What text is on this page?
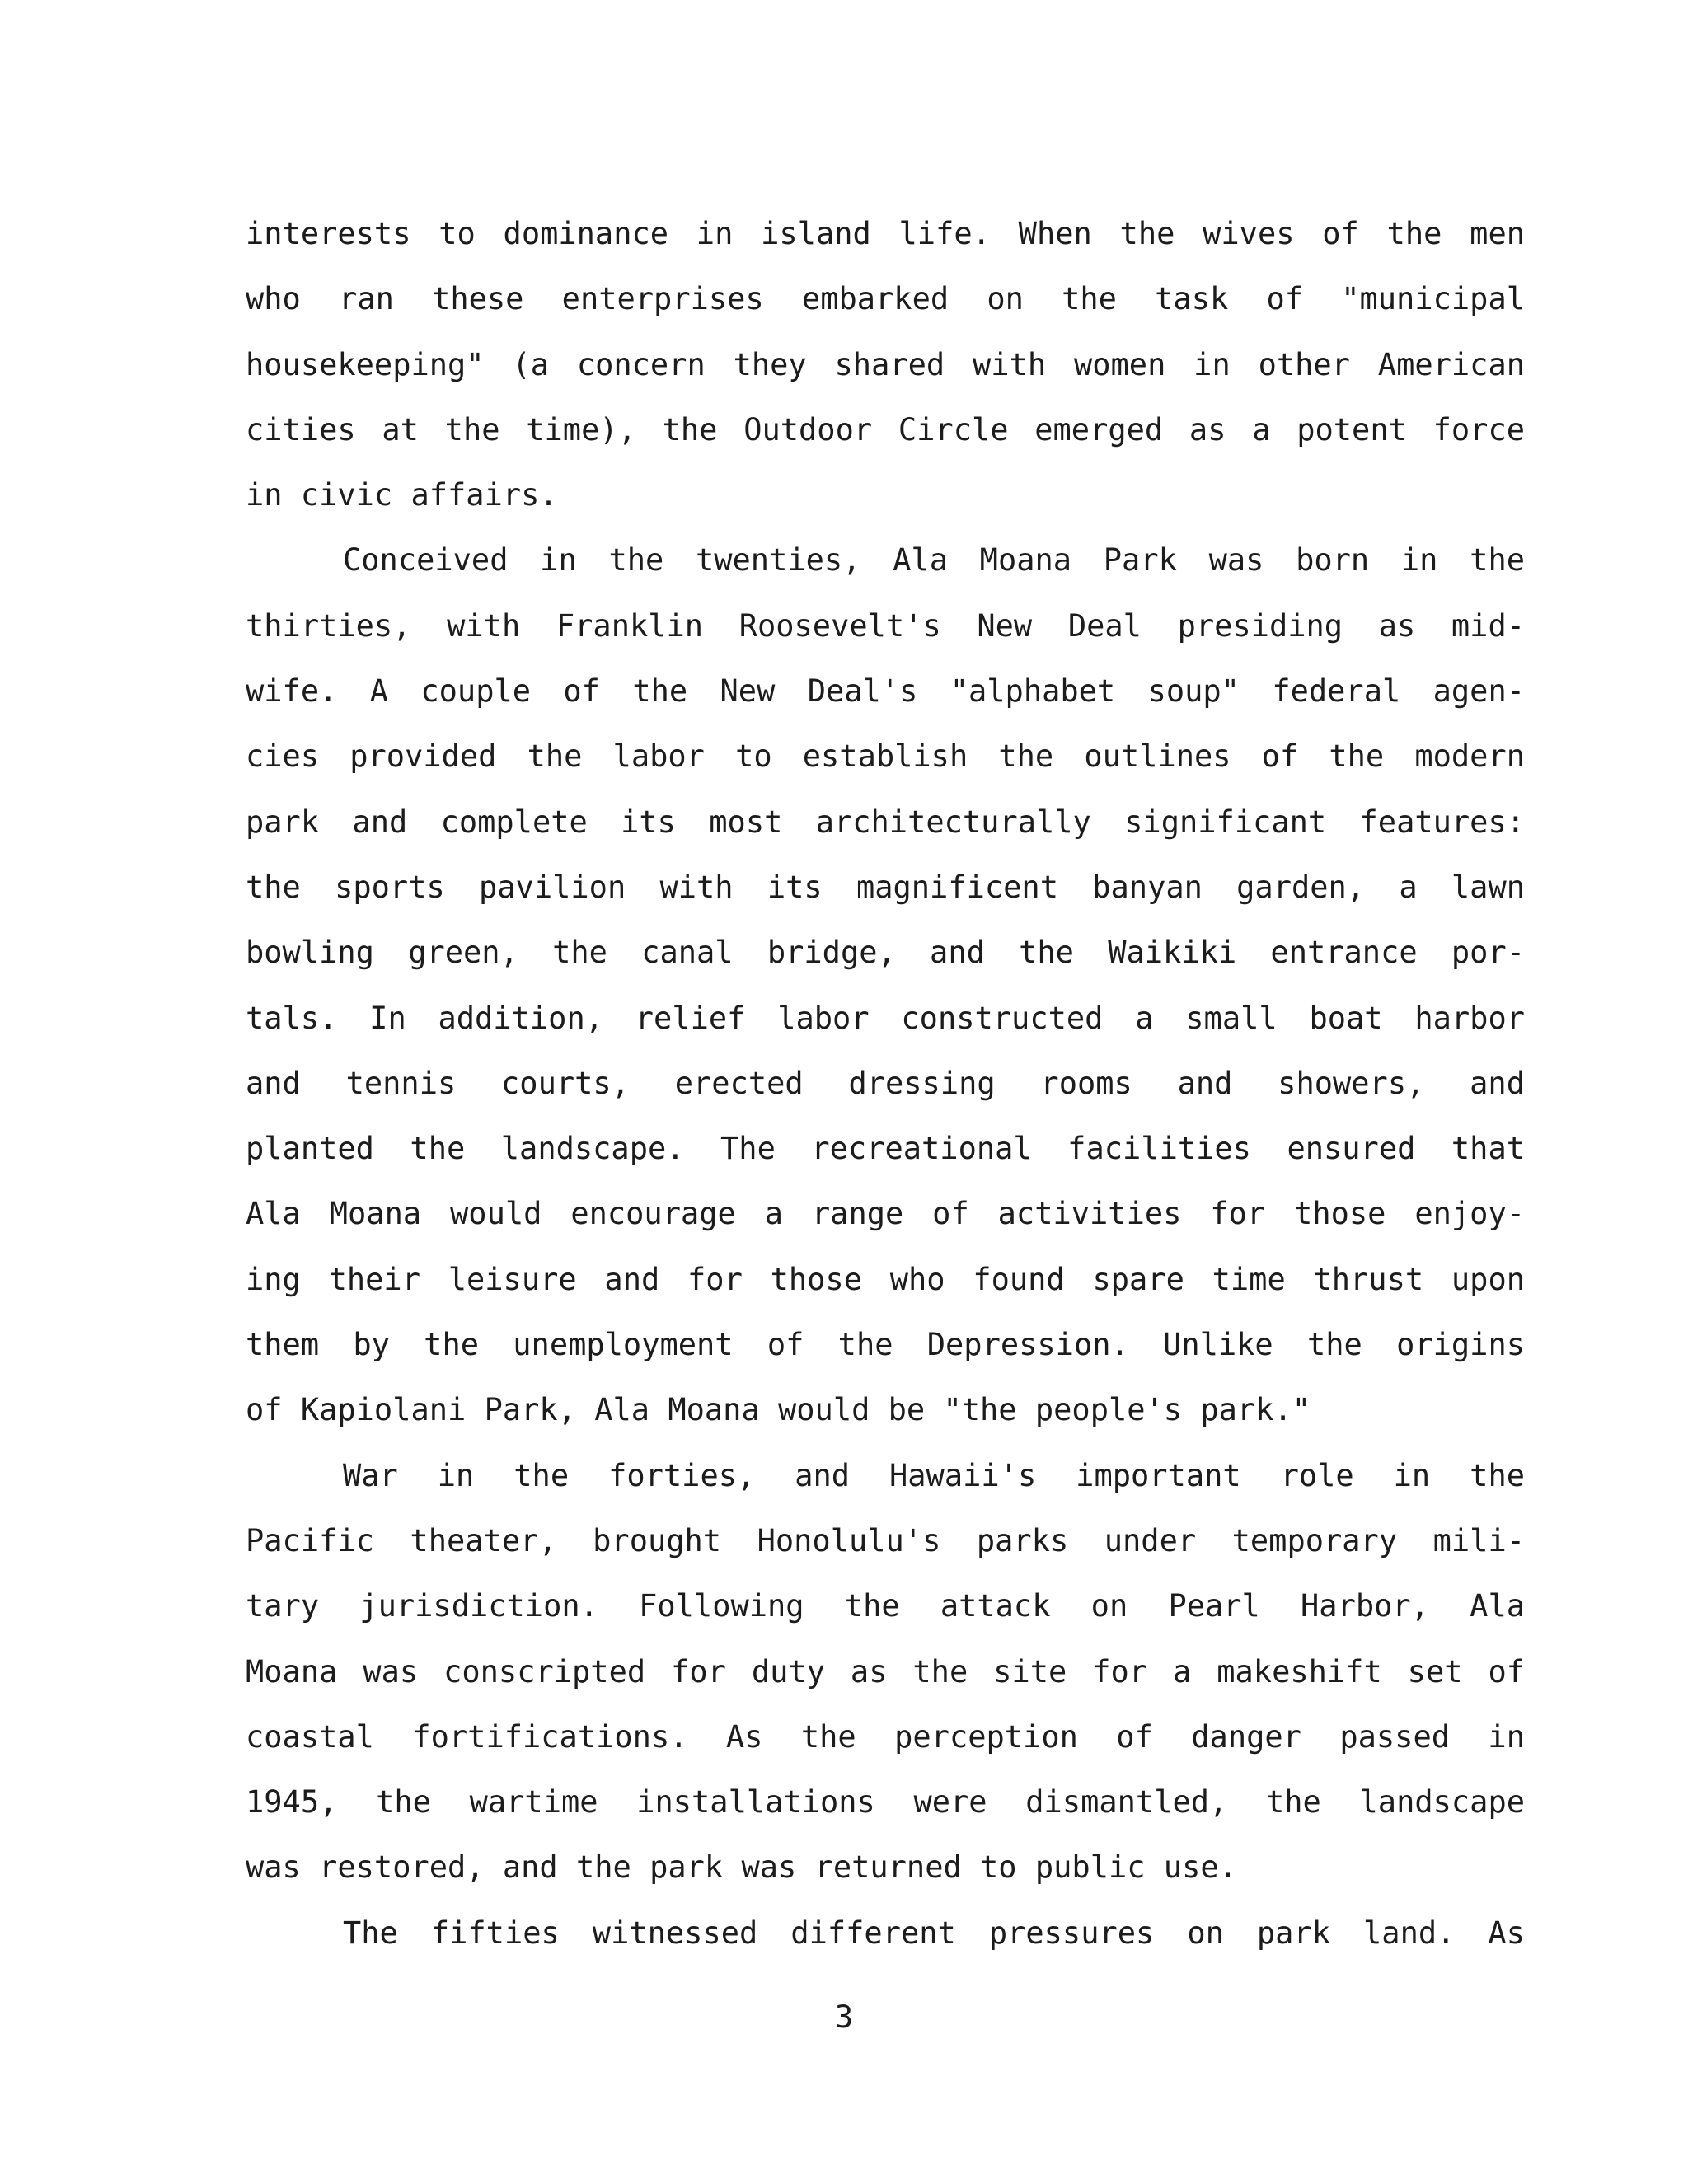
interests to dominance in island life. When the wives of the men
who ran these enterprises embarked on the task of "municipal
housekeeping" (a concern they shared with women in other American
cities at the time), the Outdoor Circle emerged as a potent force
in civic affairs.
Conceived in the twenties, Ala Moana Park was born in the
thirties, with Franklin Roosevelt's New Deal presiding as mid-
wife. A couple of the New Deal's "alphabet soup" federal agen-
cies provided the labor to establish the outlines of the modern
park and complete its most architecturally significant features:
the sports pavilion with its magnificent banyan garden, a lawn
bowling green, the canal bridge, and the Waikiki entrance por-
tals. In addition, relief labor constructed a small boat harbor
and tennis courts, erected dressing rooms and showers, and
planted the landscape. The recreational facilities ensured that
Ala Moana would encourage a range of activities for those enjoy-
ing their leisure and for those who found spare time thrust upon
them by the unemployment of the Depression. Unlike the origins
of Kapiolani Park, Ala Moana would be "the people's park."
War in the forties, and Hawaii's important role in the
Pacific theater, brought Honolulu's parks under temporary mili-
tary jurisdiction. Following the attack on Pearl Harbor, Ala
Moana was conscripted for duty as the site for a makeshift set of
coastal fortifications. As the perception of danger passed in
1945, the wartime installations were dismantled, the landscape
was restored, and the park was returned to public use.
The fifties witnessed different pressures on park land. As
3
